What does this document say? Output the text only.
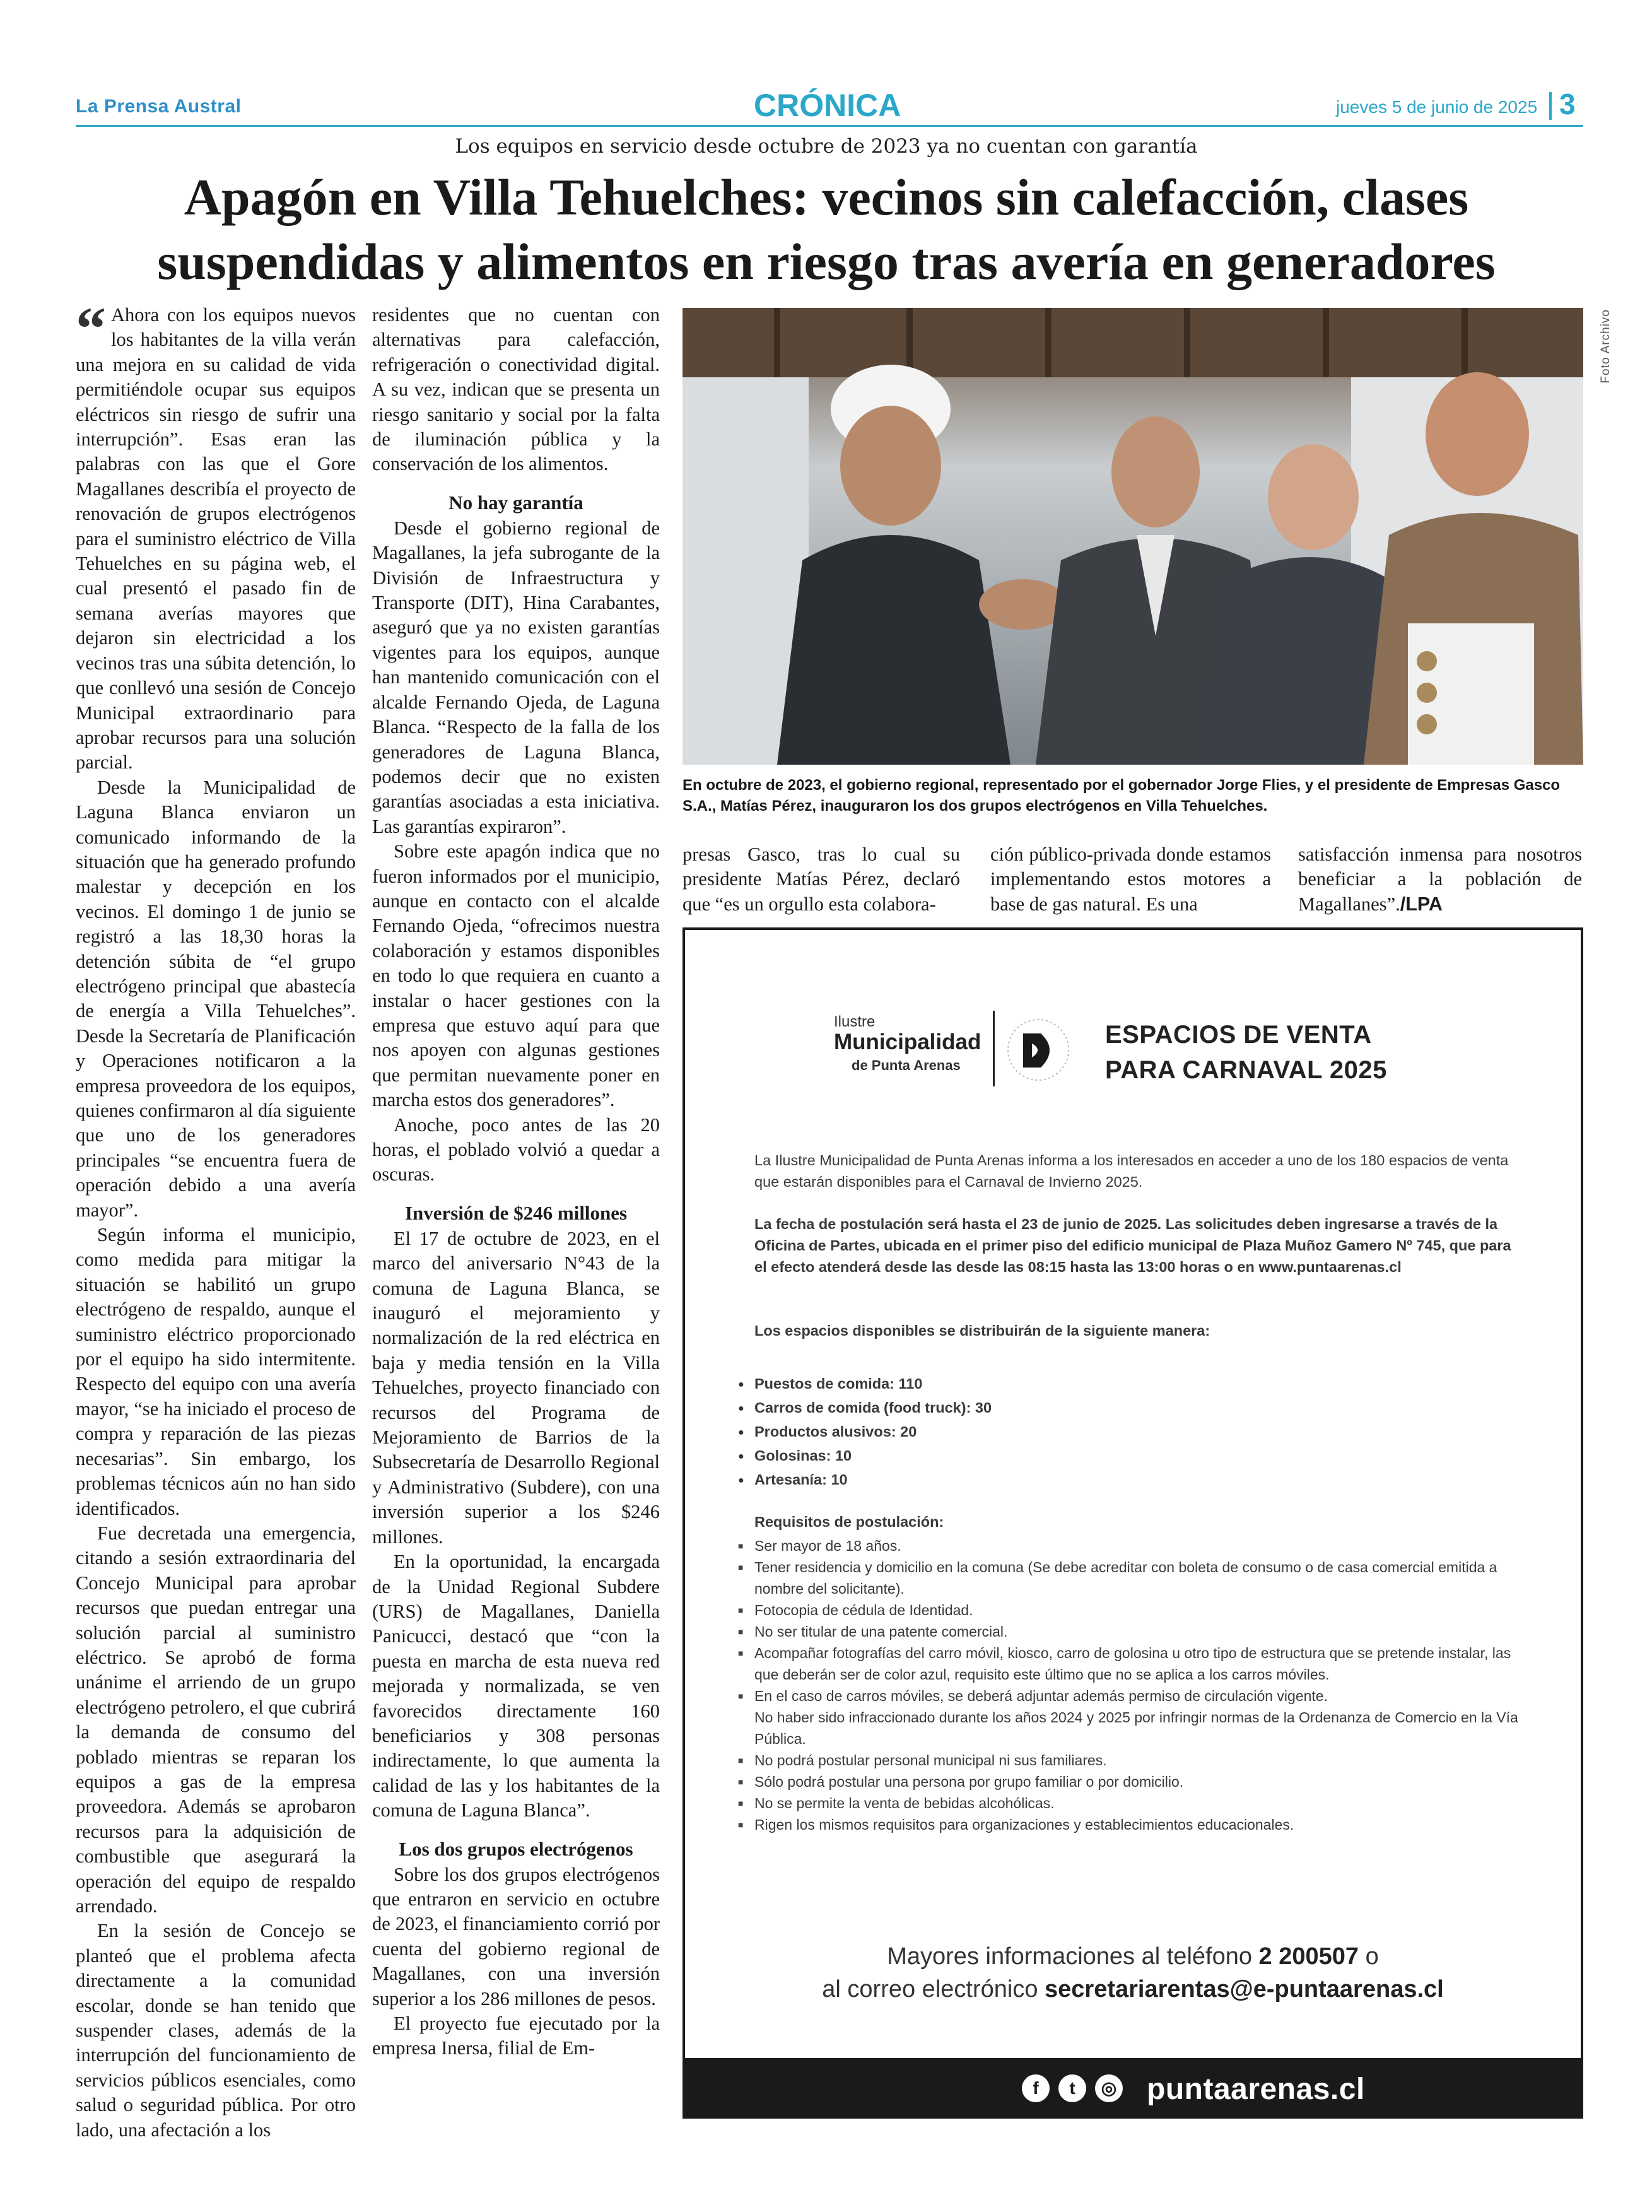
La Prensa Austral	CRÓNICA	jueves 5 de junio de 2025 3
Los equipos en servicio desde octubre de 2023 ya no cuentan con garantía
Apagón en Villa Tehuelches: vecinos sin calefacción, clases
suspendidas y alimentos en riesgo tras avería en generadores

“ Ahora con los equipos nuevos los habitantes de la villa verán una mejora en su calidad de vida permitiéndole ocupar sus equipos eléctricos sin riesgo de sufrir una interrupción”. Esas eran las palabras con las que el Gore Magallanes describía el proyecto de renovación de grupos electrógenos para el suministro eléctrico de Villa Tehuelches en su página web, el cual presentó el pasado fin de semana averías mayores que dejaron sin electricidad a los vecinos tras una súbita detención, lo que conllevó una sesión de Concejo Municipal extraordinario para aprobar recursos para una solución parcial.

Desde la Municipalidad de Laguna Blanca enviaron un comunicado informando de la situación que ha generado profundo malestar y decepción en los vecinos. El domingo 1 de junio se registró a las 18,30 horas la detención súbita de “el grupo electrógeno principal que abastecía de energía a Villa Tehuelches”. Desde la Secretaría de Planificación y Operaciones notificaron a la empresa proveedora de los equipos, quienes confirmaron al día siguiente que uno de los generadores principales “se encuentra fuera de operación debido a una avería mayor”.

Según informa el municipio, como medida para mitigar la situación se habilitó un grupo electrógeno de respaldo, aunque el suministro eléctrico proporcionado por el equipo ha sido intermitente. Respecto del equipo con una avería mayor, “se ha iniciado el proceso de compra y reparación de las piezas necesarias”. Sin embargo, los problemas técnicos aún no han sido identificados.

Fue decretada una emergencia, citando a sesión extraordinaria del Concejo Municipal para aprobar recursos que puedan entregar una solución parcial al suministro eléctrico. Se aprobó de forma unánime el arriendo de un grupo electrógeno petrolero, el que cubrirá la demanda de consumo del poblado mientras se reparan los equipos a gas de la empresa proveedora. Además se aprobaron recursos para la adquisición de combustible que asegurará la operación del equipo de respaldo arrendado.

En la sesión de Concejo se planteó que el problema afecta directamente a la comunidad escolar, donde se han tenido que suspender clases, además de la interrupción del funcionamiento de servicios públicos esenciales, como salud o seguridad pública. Por otro lado, una afectación a los

residentes que no cuentan con alternativas para calefacción, refrigeración o conectividad digital. A su vez, indican que se presenta un riesgo sanitario y social por la falta de iluminación pública y la conservación de los alimentos.

No hay garantía

Desde el gobierno regional de Magallanes, la jefa subrogante de la División de Infraestructura y Transporte (DIT), Hina Carabantes, aseguró que ya no existen garantías vigentes para los equipos, aunque han mantenido comunicación con el alcalde Fernando Ojeda, de Laguna Blanca. “Respecto de la falla de los generadores de Laguna Blanca, podemos decir que no existen garantías asociadas a esta iniciativa. Las garantías expiraron”.

Sobre este apagón indica que no fueron informados por el municipio, aunque en contacto con el alcalde Fernando Ojeda, “ofrecimos nuestra colaboración y estamos disponibles en todo lo que requiera en cuanto a instalar o hacer gestiones con la empresa que estuvo aquí para que nos apoyen con algunas gestiones que permitan nuevamente poner en marcha estos dos generadores”.

Anoche, poco antes de las 20 horas, el poblado volvió a quedar a oscuras.

Inversión de $246 millones

El 17 de octubre de 2023, en el marco del aniversario N°43 de la comuna de Laguna Blanca, se inauguró el mejoramiento y normalización de la red eléctrica en baja y media tensión en la Villa Tehuelches, proyecto financiado con recursos del Programa de Mejoramiento de Barrios de la Subsecretaría de Desarrollo Regional y Administrativo (Subdere), con una inversión superior a los $246 millones.

En la oportunidad, la encargada de la Unidad Regional Subdere (URS) de Magallanes, Daniella Panicucci, destacó que “con la puesta en marcha de esta nueva red mejorada y normalizada, se ven favorecidos directamente 160 beneficiarios y 308 personas indirectamente, lo que aumenta la calidad de las y los habitantes de la comuna de Laguna Blanca”.

Los dos grupos electrógenos

Sobre los dos grupos electrógenos que entraron en servicio en octubre de 2023, el financiamiento corrió por cuenta del gobierno regional de Magallanes, con una inversión superior a los 286 millones de pesos.

El proyecto fue ejecutado por la empresa Inersa, filial de Em-

Foto Archivo
En octubre de 2023, el gobierno regional, representado por el gobernador Jorge Flies, y el presidente de Empresas Gasco S.A., Matías Pérez, inauguraron los dos grupos electrógenos en Villa Tehuelches.

presas Gasco, tras lo cual su presidente Matías Pérez, declaró que “es un orgullo esta colabora-

ción público-privada donde estamos implementando estos motores a base de gas natural. Es una

satisfacción inmensa para nosotros beneficiar a la población de Magallanes”./LPA

Ilustre
Municipalidad
de Punta Arenas
ESPACIOS DE VENTA
PARA CARNAVAL 2025
La Ilustre Municipalidad de Punta Arenas informa a los interesados en acceder a uno de los 180 espacios de venta que estarán disponibles para el Carnaval de Invierno 2025.
La fecha de postulación será hasta el 23 de junio de 2025. Las solicitudes deben ingresarse a través de la Oficina de Partes, ubicada en el primer piso del edificio municipal de Plaza Muñoz Gamero Nº 745, que para el efecto atenderá desde las desde las 08:15 hasta las 13:00 horas o en www.puntaarenas.cl
Los espacios disponibles se distribuirán de la siguiente manera:
● Puestos de comida: 110
● Carros de comida (food truck): 30
● Productos alusivos: 20
● Golosinas: 10
● Artesanía: 10
Requisitos de postulación:
■ Ser mayor de 18 años.
■ Tener residencia y domicilio en la comuna (Se debe acreditar con boleta de consumo o de casa comercial emitida a nombre del solicitante).
■ Fotocopia de cédula de Identidad.
■ No ser titular de una patente comercial.
■ Acompañar fotografías del carro móvil, kiosco, carro de golosina u otro tipo de estructura que se pretende instalar, las que deberán ser de color azul, requisito este último que no se aplica a los carros móviles.
■ En el caso de carros móviles, se deberá adjuntar además permiso de circulación vigente.
No haber sido infraccionado durante los años 2024 y 2025 por infringir normas de la Ordenanza de Comercio en la Vía Pública.
■ No podrá postular personal municipal ni sus familiares.
■ Sólo podrá postular una persona por grupo familiar o por domicilio.
■ No se permite la venta de bebidas alcohólicas.
■ Rigen los mismos requisitos para organizaciones y establecimientos educacionales.
Mayores informaciones al teléfono 2 200507 o
al correo electrónico secretariarentas@e-puntaarenas.cl
f	t	◎ puntaarenas.cl
